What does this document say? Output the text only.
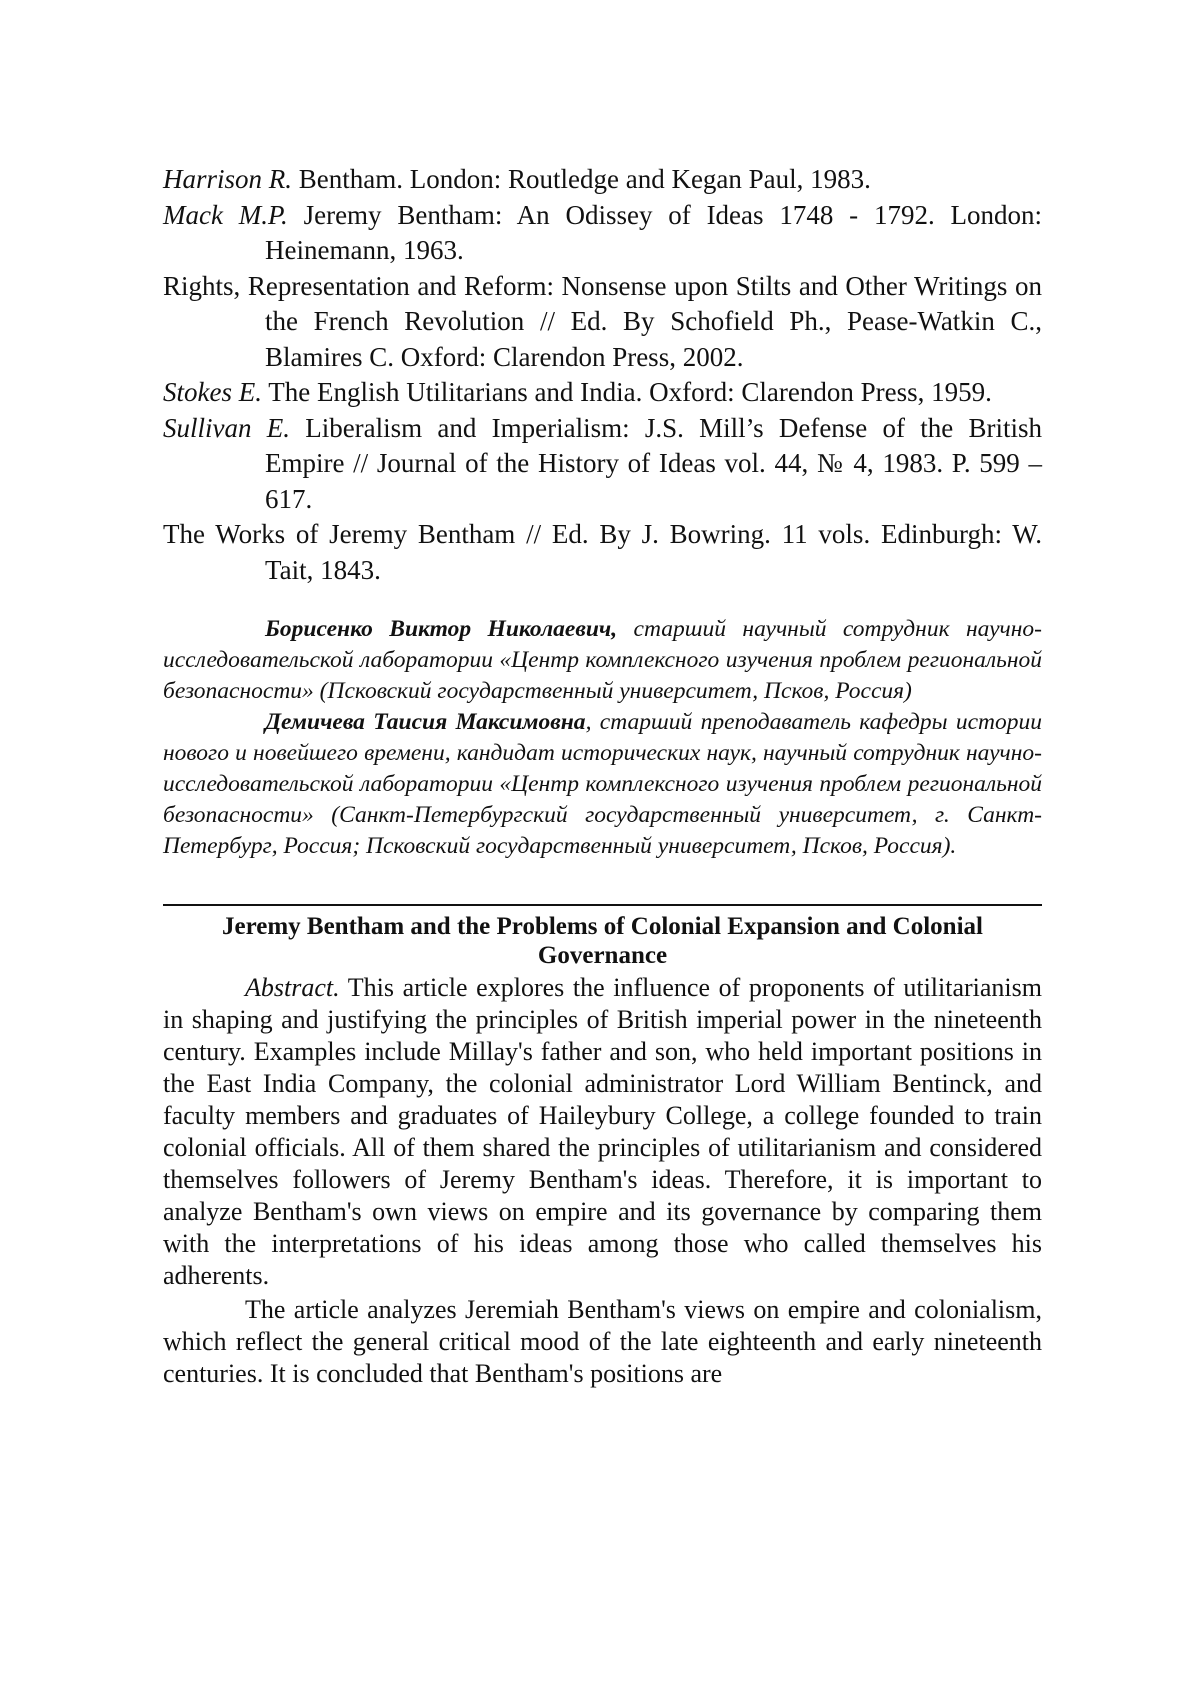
Harrison R. Bentham. London: Routledge and Kegan Paul, 1983.

Mack M.P. Jeremy Bentham: An Odissey of Ideas 1748 - 1792. London: Heinemann, 1963.

Rights, Representation and Reform: Nonsense upon Stilts and Other Writings on the French Revolution // Ed. By Schofield Ph., Pease-Watkin C., Blamires C. Oxford: Clarendon Press, 2002.

Stokes E. The English Utilitarians and India. Oxford: Clarendon Press, 1959.

Sullivan E. Liberalism and Imperialism: J.S. Mill’s Defense of the British Empire // Journal of the History of Ideas vol. 44, № 4, 1983. P. 599 – 617.

The Works of Jeremy Bentham // Ed. By J. Bowring. 11 vols. Edinburgh: W. Tait, 1843.

Борисенко Виктор Николаевич, старший научный сотрудник научно-исследовательской лаборатории «Центр комплексного изучения проблем региональной безопасности» (Псковский государственный университет, Псков, Россия)

Демичева Таисия Максимовна, старший преподаватель кафедры истории нового и новейшего времени, кандидат исторических наук, научный сотрудник научно-исследовательской лаборатории «Центр комплексного изучения проблем региональной безопасности» (Санкт-Петербургский государственный университет, г. Санкт-Петербург, Россия; Псковский государственный университет, Псков, Россия).

Jeremy Bentham and the Problems of Colonial Expansion and Colonial Governance

Abstract. This article explores the influence of proponents of utilitarianism in shaping and justifying the principles of British imperial power in the nineteenth century. Examples include Millay's father and son, who held important positions in the East India Company, the colonial administrator Lord William Bentinck, and faculty members and graduates of Haileybury College, a college founded to train colonial officials. All of them shared the principles of utilitarianism and considered themselves followers of Jeremy Bentham's ideas. Therefore, it is important to analyze Bentham's own views on empire and its governance by comparing them with the interpretations of his ideas among those who called themselves his adherents.

The article analyzes Jeremiah Bentham's views on empire and colonialism, which reflect the general critical mood of the late eighteenth and early nineteenth centuries. It is concluded that Bentham's positions are
